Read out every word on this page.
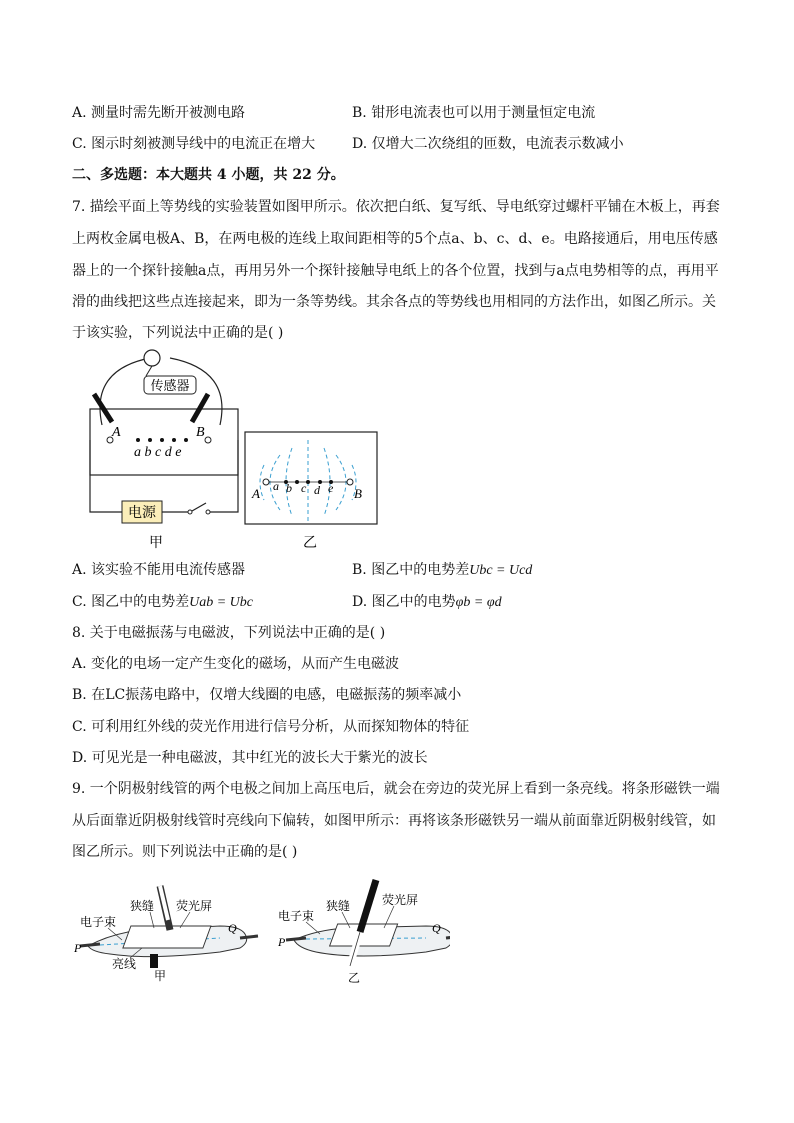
A. 测量时需先断开被测电路	B. 钳形电流表也可以用于测量恒定电流
C. 图示时刻被测导线中的电流正在增大	D. 仅增大二次绕组的匝数，电流表示数减小
二、多选题：本大题共 4 小题，共 22 分。
7. 描绘平面上等势线的实验装置如图甲所示。依次把白纸、复写纸、导电纸穿过螺杆平铺在木板上，再套
上两枚金属电极A、B，在两电极的连线上取间距相等的5个点a、b、c、d、e。电路接通后，用电压传感
器上的一个探针接触a点，再用另外一个探针接触导电纸上的各个位置，找到与a点电势相等的点，再用平
滑的曲线把这些点连接起来，即为一条等势线。其余各点的等势线也用相同的方法作出，如图乙所示。关
于该实验，下列说法中正确的是( )
传感器
A	B
a b c d e
电源
甲
A	B
a b c d e
乙
A. 该实验不能用电流传感器	B. 图乙中的电势差Ubc = Ucd
C. 图乙中的电势差Uab = Ubc	D. 图乙中的电势φb = φd
8. 关于电磁振荡与电磁波，下列说法中正确的是( )
A. 变化的电场一定产生变化的磁场，从而产生电磁波
B. 在LC振荡电路中，仅增大线圈的电感，电磁振荡的频率减小
C. 可利用红外线的荧光作用进行信号分析，从而探知物体的特征
D. 可见光是一种电磁波，其中红光的波长大于紫光的波长
9. 一个阴极射线管的两个电极之间加上高压电后，就会在旁边的荧光屏上看到一条亮线。将条形磁铁一端
从后面靠近阴极射线管时亮线向下偏转，如图甲所示：再将该条形磁铁另一端从前面靠近阴极射线管，如
图乙所示。则下列说法中正确的是( )
电子束
狭缝 荧光屏
亮线
P
Q
甲
电子束
狭缝	荧光屏
P
Q
乙
